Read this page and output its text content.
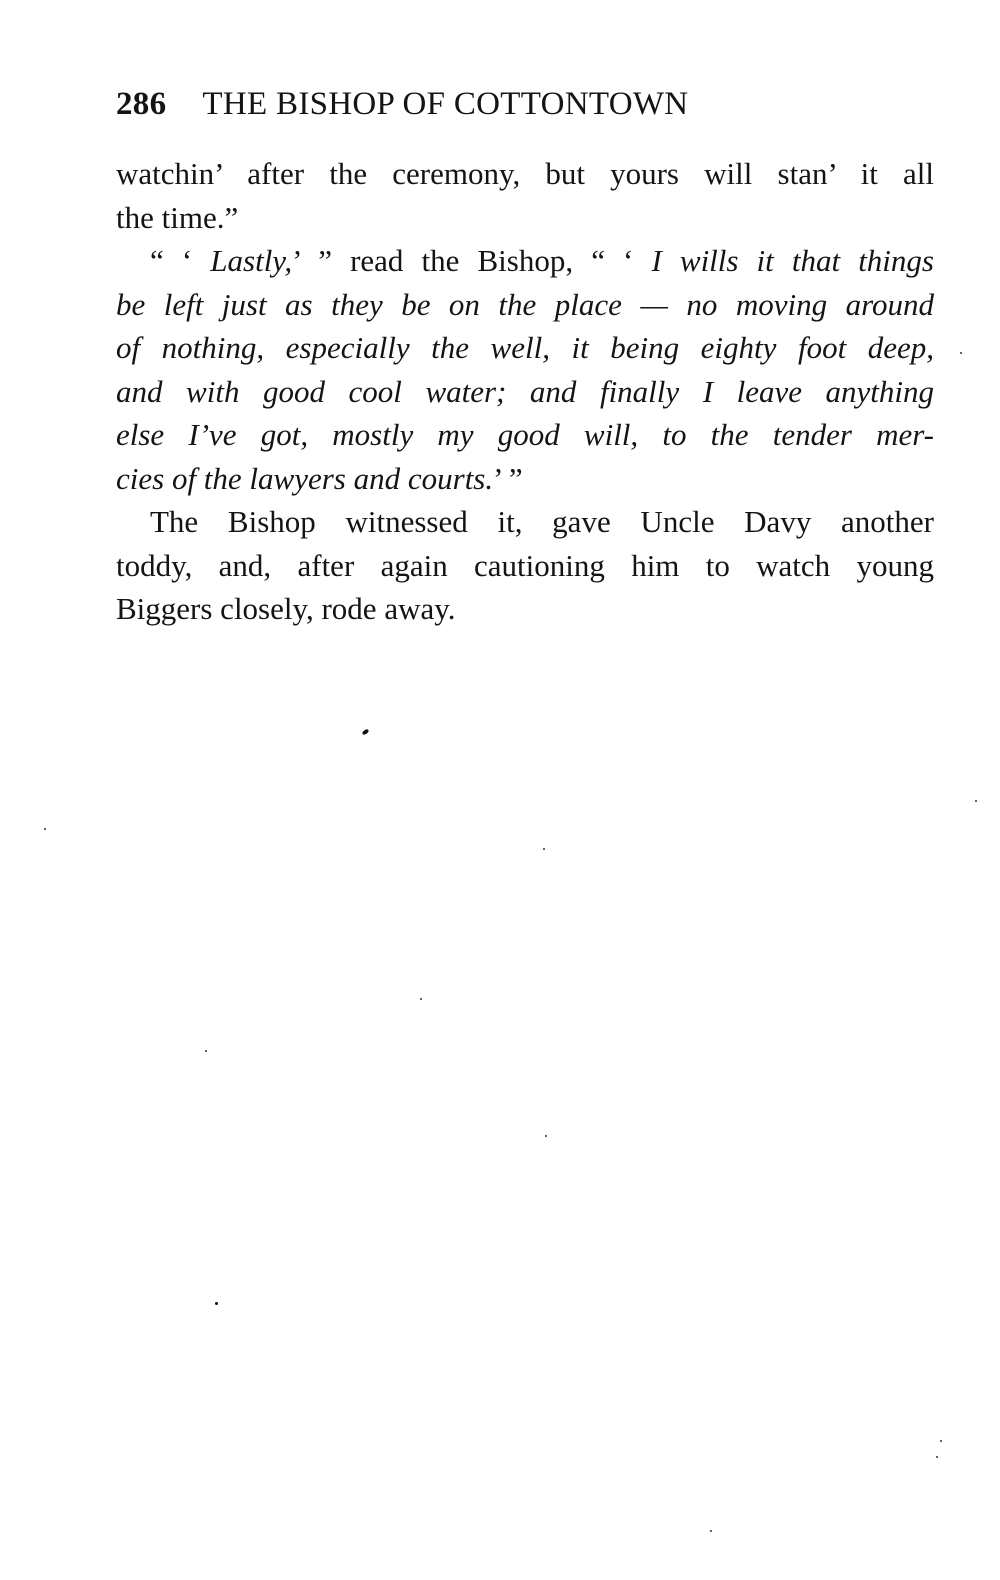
286 THE BISHOP OF COTTONTOWN
watchin’ after the ceremony, but yours will stan’ it all
the time.”
“ ‘ Lastly,’ ” read the Bishop, “ ‘ I wills it that things
be left just as they be on the place — no moving around
of nothing, especially the well, it being eighty foot deep,
and with good cool water; and finally I leave anything
else I’ve got, mostly my good will, to the tender mer-
cies of the lawyers and courts.’ ”
The Bishop witnessed it, gave Uncle Davy another
toddy, and, after again cautioning him to watch young
Biggers closely, rode away.
